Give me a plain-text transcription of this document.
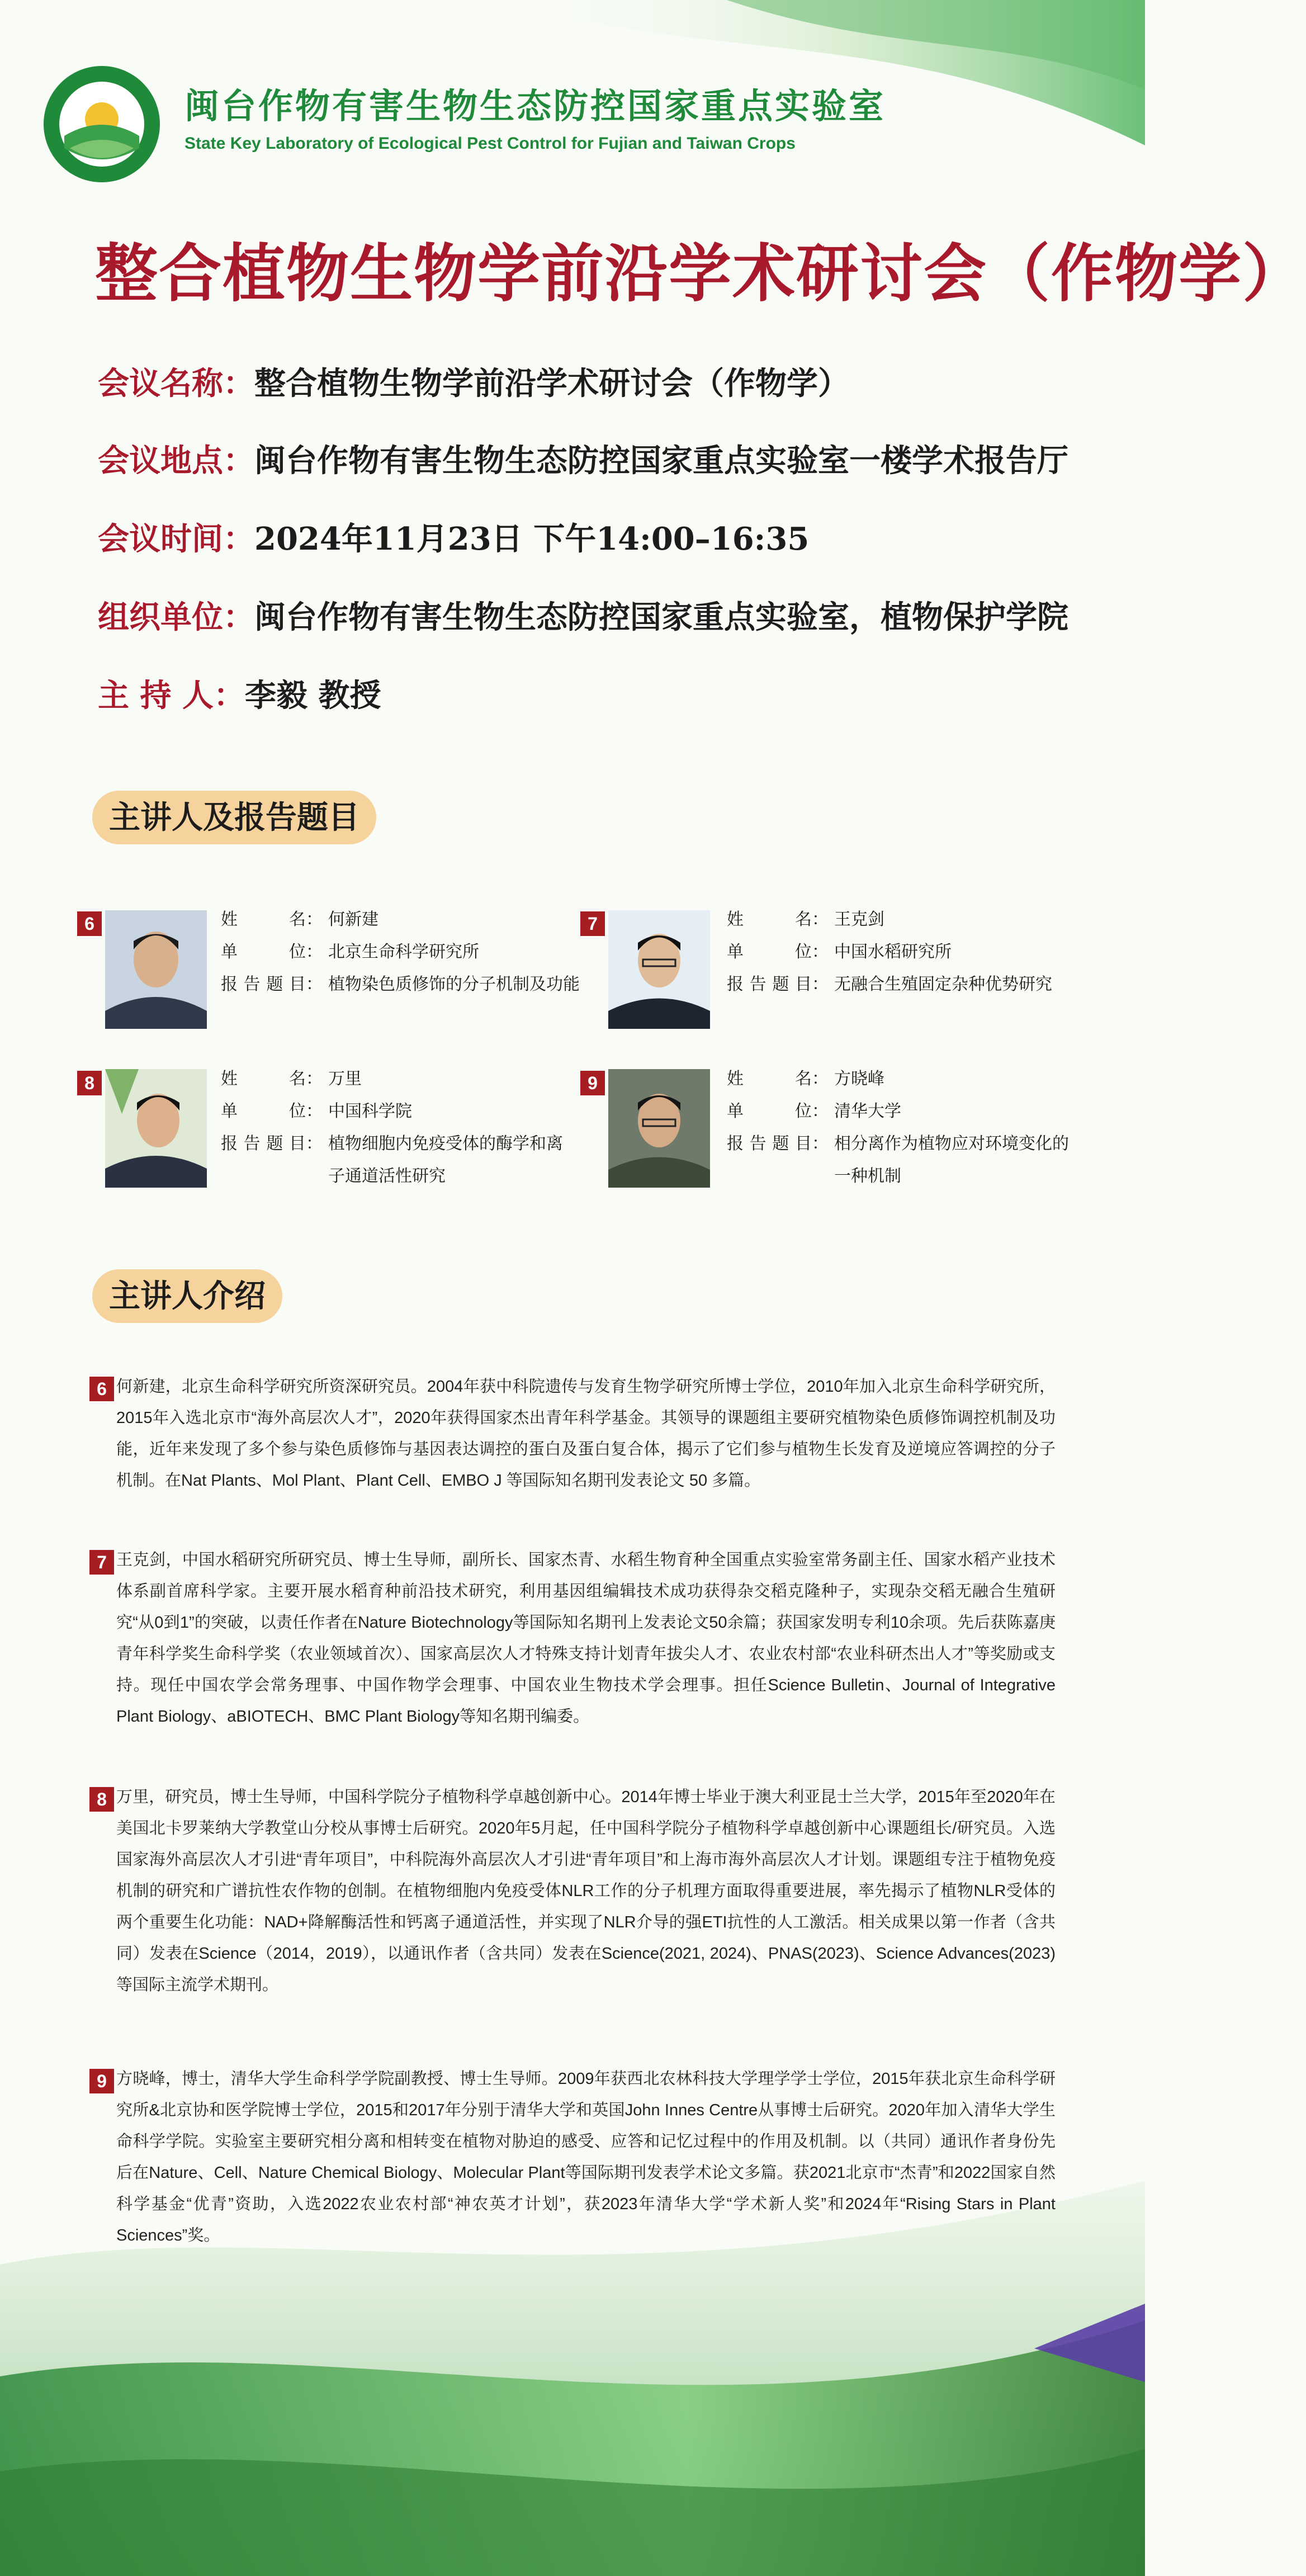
闽台作物有害生物生态防控国家重点实验室
State Key Laboratory of Ecological Pest Control for Fujian and Taiwan Crops
整合植物生物学前沿学术研讨会（作物学）
会议名称：整合植物生物学前沿学术研讨会（作物学）
会议地点：闽台作物有害生物生态防控国家重点实验室一楼学术报告厅
会议时间：2024年11月23日 下午14:00–16:35
组织单位：闽台作物有害生物生态防控国家重点实验室，植物保护学院
主 持 人：李毅 教授
主讲人及报告题目
6	姓名： 何新建
单位： 北京生命科学研究所
报告题目： 植物染色质修饰的分子机制及功能
7	姓名： 王克剑
单位： 中国水稻研究所
报告题目： 无融合生殖固定杂种优势研究
8	姓名： 万里
单位： 中国科学院
报告题目： 植物细胞内免疫受体的酶学和离子通道活性研究
9	姓名： 方晓峰
单位： 清华大学
报告题目： 相分离作为植物应对环境变化的一种机制
主讲人介绍
6 何新建，北京生命科学研究所资深研究员。2004年获中科院遗传与发育生物学研究所博士学位，2010年加入北京生命科学研究所，2015年入选北京市“海外高层次人才”，2020年获得国家杰出青年科学基金。其领导的课题组主要研究植物染色质修饰调控机制及功能，近年来发现了多个参与染色质修饰与基因表达调控的蛋白及蛋白复合体，揭示了它们参与植物生长发育及逆境应答调控的分子机制。在Nat Plants、Mol Plant、Plant Cell、EMBO J 等国际知名期刊发表论文 50 多篇。
7 王克剑，中国水稻研究所研究员、博士生导师，副所长、国家杰青、水稻生物育种全国重点实验室常务副主任、国家水稻产业技术体系副首席科学家。主要开展水稻育种前沿技术研究，利用基因组编辑技术成功获得杂交稻克隆种子，实现杂交稻无融合生殖研究“从0到1”的突破，以责任作者在Nature Biotechnology等国际知名期刊上发表论文50余篇；获国家发明专利10余项。先后获陈嘉庚青年科学奖生命科学奖（农业领域首次）、国家高层次人才特殊支持计划青年拔尖人才、农业农村部“农业科研杰出人才”等奖励或支持。现任中国农学会常务理事、中国作物学会理事、中国农业生物技术学会理事。担任Science Bulletin、Journal of Integrative Plant Biology、aBIOTECH、BMC Plant Biology等知名期刊编委。
8 万里，研究员，博士生导师，中国科学院分子植物科学卓越创新中心。2014年博士毕业于澳大利亚昆士兰大学，2015年至2020年在美国北卡罗莱纳大学教堂山分校从事博士后研究。2020年5月起，任中国科学院分子植物科学卓越创新中心课题组长/研究员。入选国家海外高层次人才引进“青年项目”，中科院海外高层次人才引进“青年项目”和上海市海外高层次人才计划。课题组专注于植物免疫机制的研究和广谱抗性农作物的创制。在植物细胞内免疫受体NLR工作的分子机理方面取得重要进展，率先揭示了植物NLR受体的两个重要生化功能：NAD+降解酶活性和钙离子通道活性，并实现了NLR介导的强ETI抗性的人工激活。相关成果以第一作者（含共同）发表在Science（2014，2019），以通讯作者（含共同）发表在Science(2021, 2024)、PNAS(2023)、Science Advances(2023)等国际主流学术期刊。
9 方晓峰，博士，清华大学生命科学学院副教授、博士生导师。2009年获西北农林科技大学理学学士学位，2015年获北京生命科学研究所&北京协和医学院博士学位，2015和2017年分别于清华大学和英国John Innes Centre从事博士后研究。2020年加入清华大学生命科学学院。实验室主要研究相分离和相转变在植物对胁迫的感受、应答和记忆过程中的作用及机制。以（共同）通讯作者身份先后在Nature、Cell、Nature Chemical Biology、Molecular Plant等国际期刊发表学术论文多篇。获2021北京市“杰青”和2022国家自然科学基金“优青”资助，入选2022农业农村部“神农英才计划”，获2023年清华大学“学术新人奖”和2024年“Rising Stars in Plant Sciences”奖。
